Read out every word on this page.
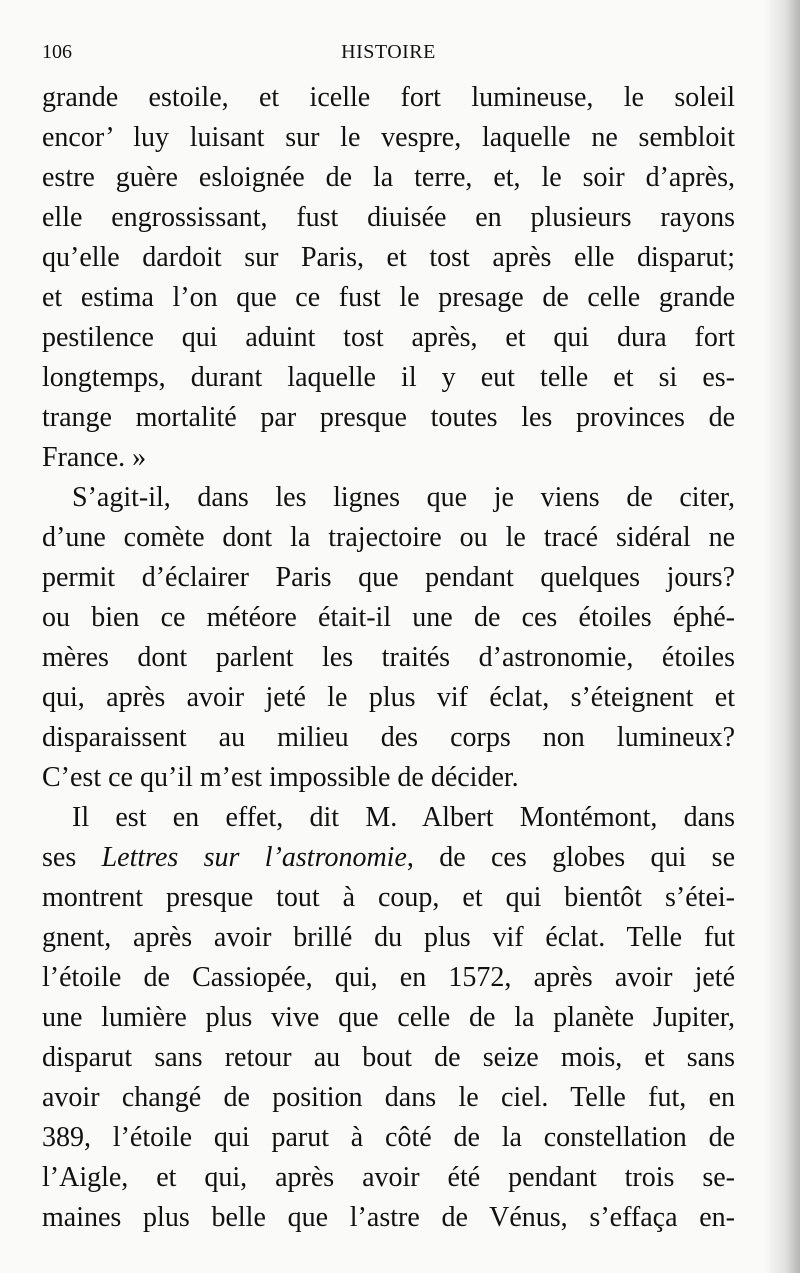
106	HISTOIRE
grande estoile, et icelle fort lumineuse, le soleil
encor’ luy luisant sur le vespre, laquelle ne sembloit
estre guère esloignée de la terre, et, le soir d’après,
elle engrossissant, fust diuisée en plusieurs rayons
qu’elle dardoit sur Paris, et tost après elle disparut;
et estima l’on que ce fust le presage de celle grande
pestilence qui aduint tost après, et qui dura fort
longtemps, durant laquelle il y eut telle et si es-
trange mortalité par presque toutes les provinces de
France. »
S’agit-il, dans les lignes que je viens de citer,
d’une comète dont la trajectoire ou le tracé sidéral ne
permit d’éclairer Paris que pendant quelques jours?
ou bien ce météore était-il une de ces étoiles éphé-
mères dont parlent les traités d’astronomie, étoiles
qui, après avoir jeté le plus vif éclat, s’éteignent et
disparaissent au milieu des corps non lumineux?
C’est ce qu’il m’est impossible de décider.
Il est en effet, dit M. Albert Montémont, dans
ses Lettres sur l’astronomie, de ces globes qui se
montrent presque tout à coup, et qui bientôt s’étei-
gnent, après avoir brillé du plus vif éclat. Telle fut
l’étoile de Cassiopée, qui, en 1572, après avoir jeté
une lumière plus vive que celle de la planète Jupiter,
disparut sans retour au bout de seize mois, et sans
avoir changé de position dans le ciel. Telle fut, en
389, l’étoile qui parut à côté de la constellation de
l’Aigle, et qui, après avoir été pendant trois se-
maines plus belle que l’astre de Vénus, s’effaça en-
